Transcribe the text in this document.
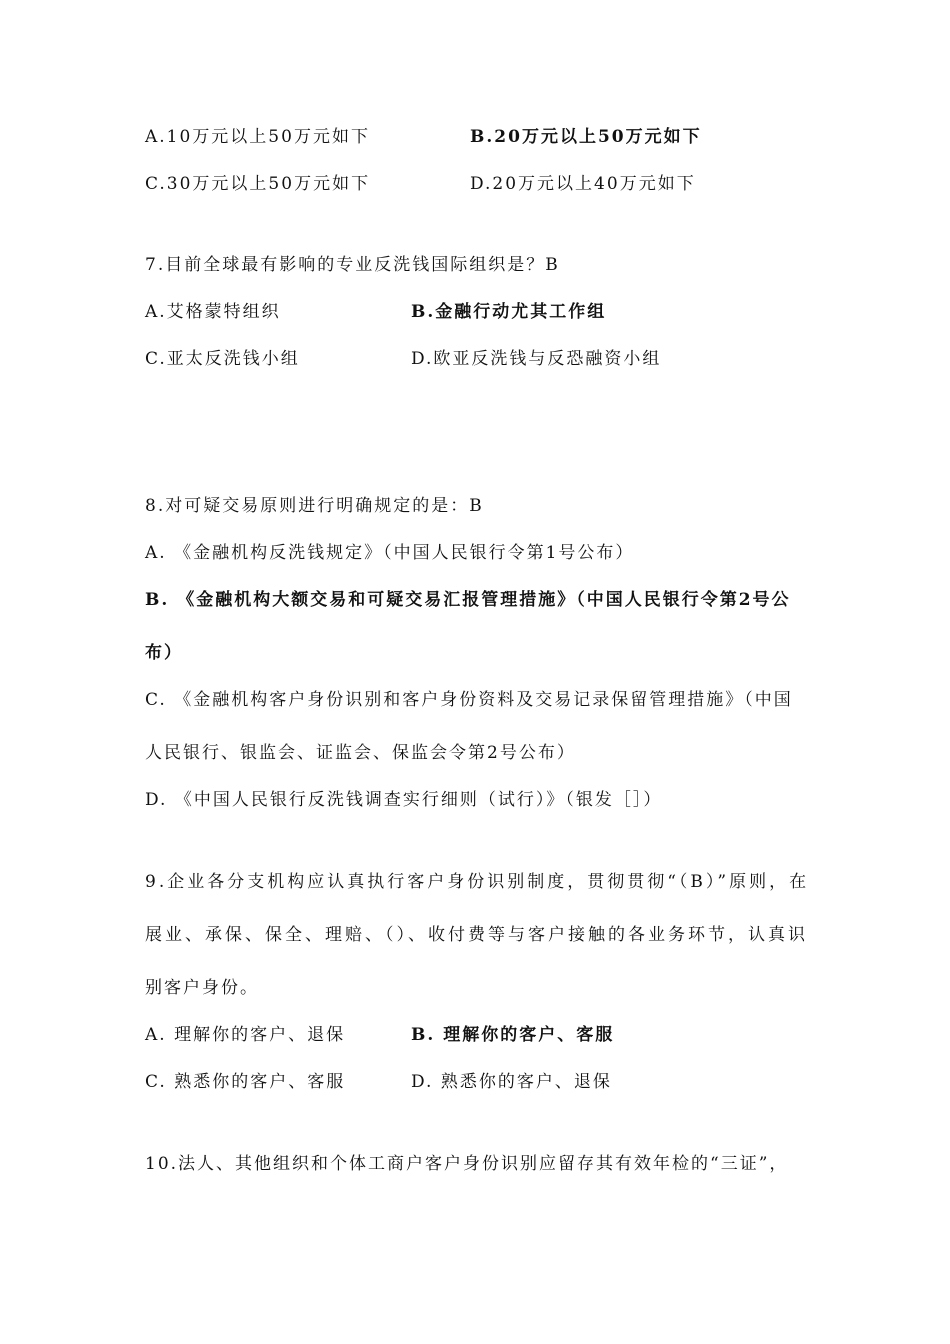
A.10万元以上50万元如下	B.20万元以上50万元如下
C.30万元以上50万元如下	D.20万元以上40万元如下
7.目前全球最有影响的专业反洗钱国际组织是？B
A.艾格蒙特组织	B.金融行动尤其工作组
C.亚太反洗钱小组	D.欧亚反洗钱与反恐融资小组
8.对可疑交易原则进行明确规定的是：B
A. 《金融机构反洗钱规定》（中国人民银行令第1号公布）
B. 《金融机构大额交易和可疑交易汇报管理措施》（中国人民银行令第2号公
布）
C. 《金融机构客户身份识别和客户身份资料及交易记录保留管理措施》（中国
人民银行、银监会、证监会、保监会令第2号公布）
D. 《中国人民银行反洗钱调查实行细则（试行）》（银发［］）
9.企业各分支机构应认真执行客户身份识别制度，贯彻贯彻“（B）”原则，在
展业、承保、保全、理赔、（）、收付费等与客户接触的各业务环节，认真识
别客户身份。
A. 理解你的客户、退保	B. 理解你的客户、客服
C. 熟悉你的客户、客服	D. 熟悉你的客户、退保
10.法人、其他组织和个体工商户客户身份识别应留存其有效年检的“三证”，
